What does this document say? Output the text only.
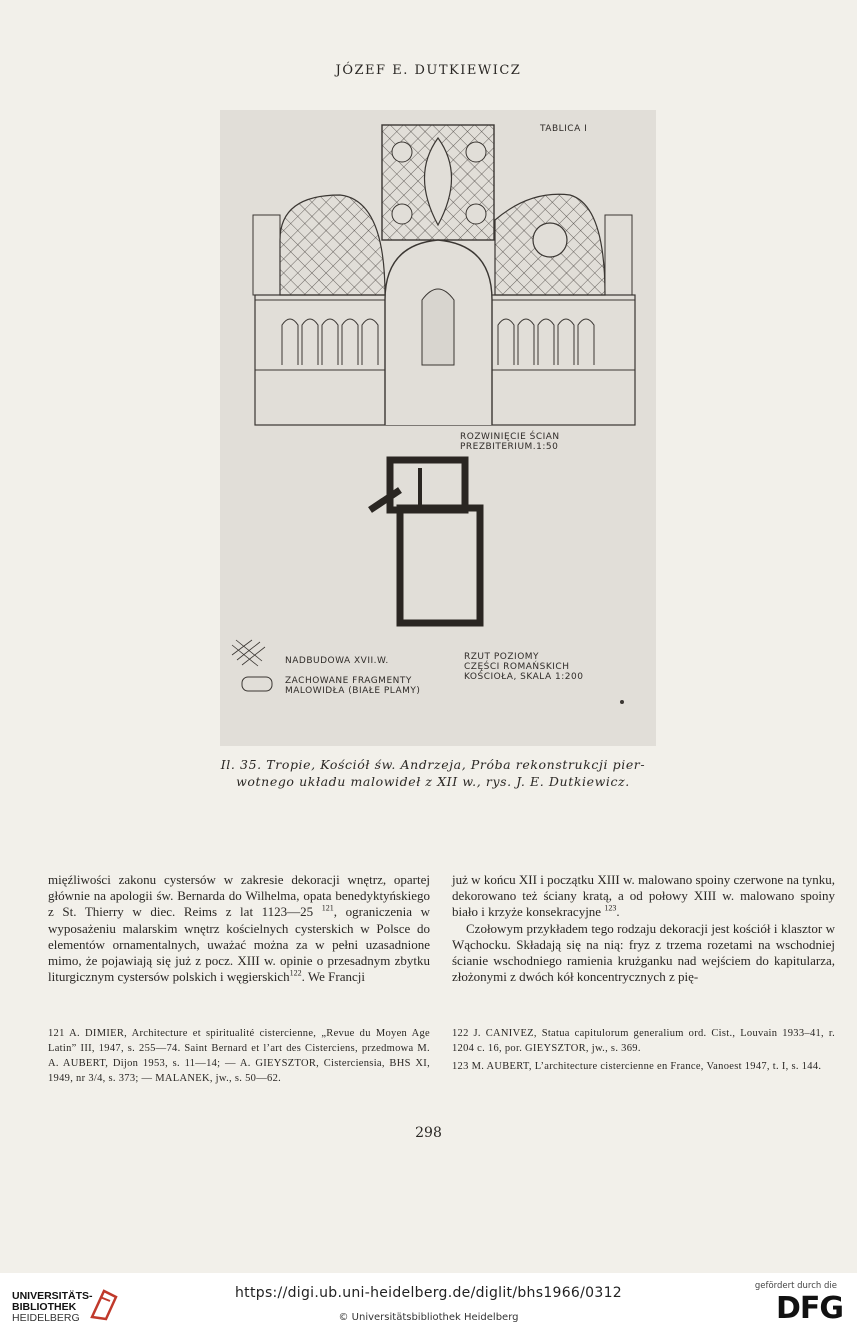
JÓZEF E. DUTKIEWICZ
TABLICA I
ROZWINIĘCIE ŚCIAN
PREZBITERIUM.1:50
NADBUDOWA XVII.W.
ZACHOWANE FRAGMENTY
MALOWIDŁA (BIAŁE PLAMY)
RZUT POZIOMY
CZĘŚCI ROMAŃSKICH
KOŚCIOŁA, SKALA 1:200
Il. 35. Tropie, Kościół św. Andrzeja, Próba rekonstrukcji pier-
wotnego układu malowideł z XII w., rys. J. E. Dutkiewicz.

mięźliwości zakonu cystersów w zakresie dekoracji wnętrz, opartej głównie na apologii św. Bernarda do Wilhelma, opata benedyktyńskiego z St. Thierry w diec. Reims z lat 1123—25 $^{121}$, ograniczenia w wyposażeniu malarskim wnętrz kościelnych cysterskich w Polsce do elementów ornamentalnych, uważać można za w pełni uzasadnione mimo, że pojawiają się już z pocz. XIII w. opinie o przesadnym zbytku liturgicznym cystersów polskich i węgierskich$^{122}$. We Francji

już w końcu XII i początku XIII w. malowano spoiny czerwone na tynku, dekorowano też ściany kratą, a od połowy XIII w. malowano spoiny biało i krzyże konsekracyjne $^{123}$.

Czołowym przykładem tego rodzaju dekoracji jest kościół i klasztor w Wąchocku. Składają się na nią: fryz z trzema rozetami na wschodniej ścianie wschodniego ramienia krużganku nad wejściem do kapitularza, złożonymi z dwóch kół koncentrycznych z pię-

121 A. DIMIER, Architecture et spiritualité cistercienne, „Revue du Moyen Age Latin” III, 1947, s. 255—74. Saint Bernard et l’art des Cisterciens, przedmowa M. A. AUBERT, Dijon 1953, s. 11—14; — A. GIEYSZTOR, Cisterciensia, BHS XI, 1949, nr 3/4, s. 373; — MALANEK, jw., s. 50—62.

122 J. CANIVEZ, Statua capitulorum generalium ord. Cist., Louvain 1933–41, r. 1204 c. 16, por. GIEYSZTOR, jw., s. 369.

123 M. AUBERT, L’architecture cistercienne en France, Vanoest 1947, t. I, s. 144.

298
UNIVERSITÄTS-
BIBLIOTHEK
HEIDELBERG
https://digi.ub.uni-heidelberg.de/diglit/bhs1966/0312
© Universitätsbibliothek Heidelberg
gefördert durch die
DFG
